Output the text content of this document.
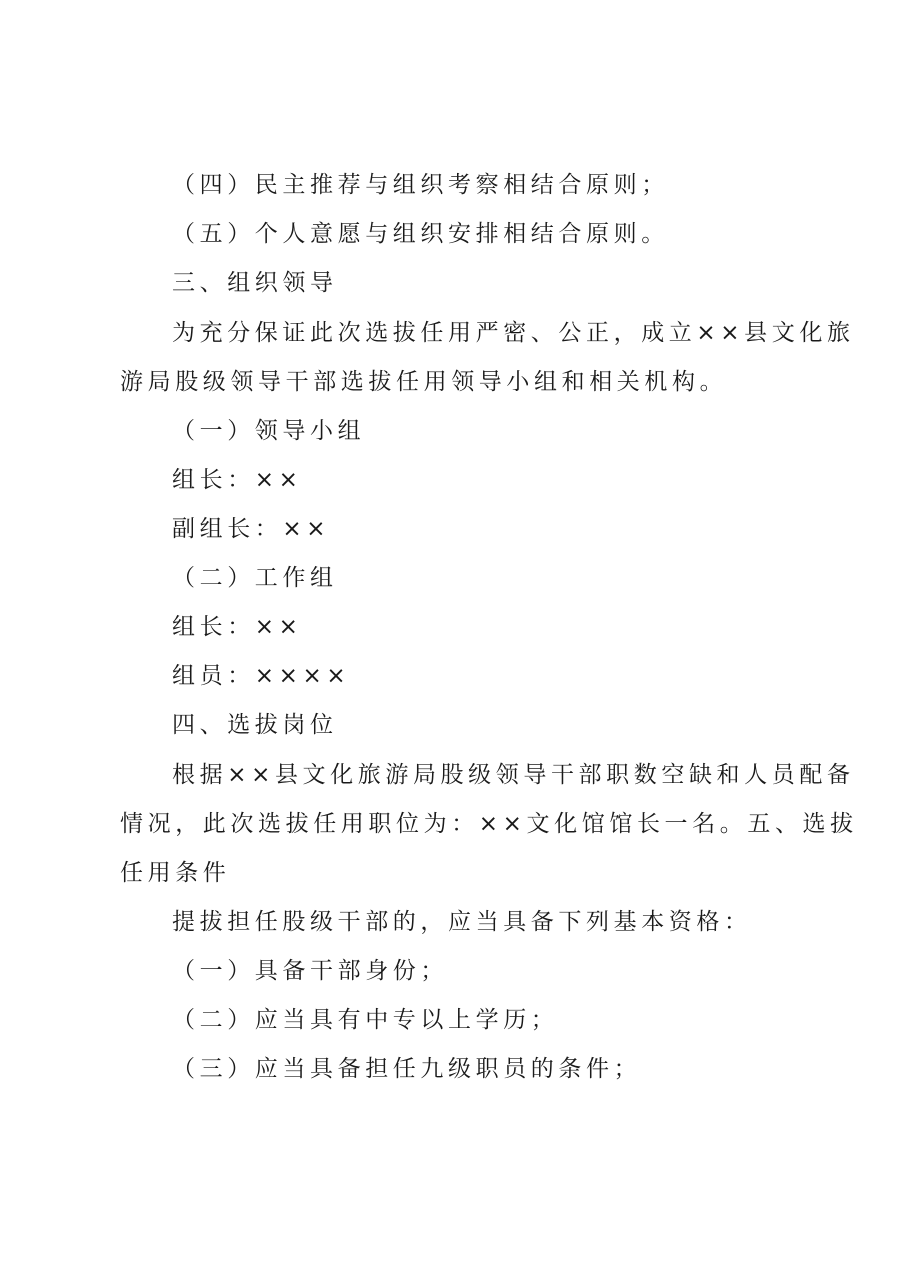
（四）民主推荐与组织考察相结合原则；
（五）个人意愿与组织安排相结合原则。
三、组织领导
为充分保证此次选拔任用严密、公正，成立××县文化旅
游局股级领导干部选拔任用领导小组和相关机构。
（一）领导小组
组长：××
副组长：××
（二）工作组
组长：××
组员：××××
四、选拔岗位
根据××县文化旅游局股级领导干部职数空缺和人员配备
情况，此次选拔任用职位为：××文化馆馆长一名。五、选拔
任用条件
提拔担任股级干部的，应当具备下列基本资格：
（一）具备干部身份；
（二）应当具有中专以上学历；
（三）应当具备担任九级职员的条件；
